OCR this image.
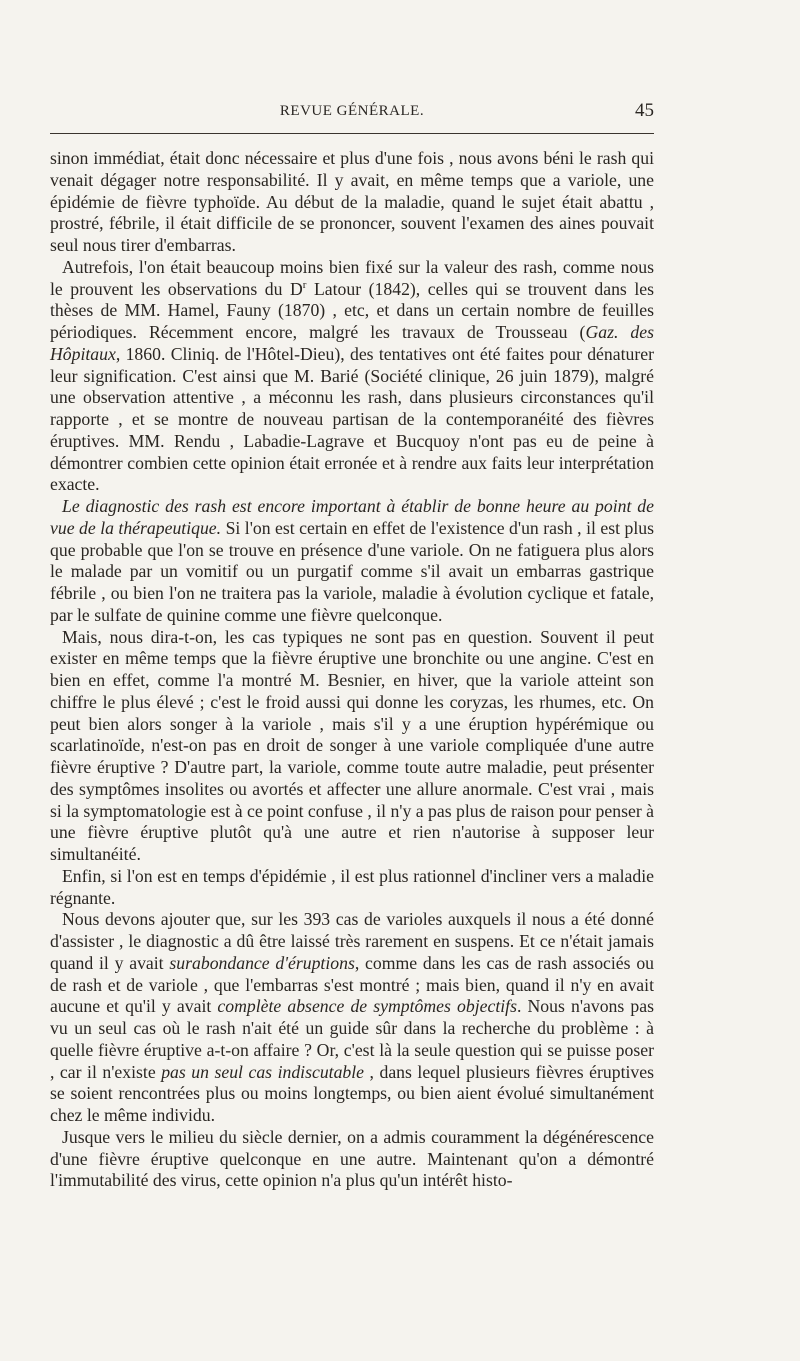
REVUE GÉNÉRALE.	45

sinon immédiat, était donc nécessaire et plus d'une fois , nous avons béni le rash qui venait dégager notre responsabilité. Il y avait, en même temps que a variole, une épidémie de fièvre typhoïde. Au début de la maladie, quand le sujet était abattu , prostré, fébrile, il était difficile de se prononcer, souvent l'examen des aines pouvait seul nous tirer d'embarras.

Autrefois, l'on était beaucoup moins bien fixé sur la valeur des rash, comme nous le prouvent les observations du $D^r$ Latour (1842), celles qui se trouvent dans les thèses de MM. Hamel, Fauny (1870) , etc, et dans un certain nombre de feuilles périodiques. Récemment encore, malgré les travaux de Trousseau (Gaz. des Hôpitaux, 1860. Cliniq. de l'Hôtel-Dieu), des tentatives ont été faites pour dénaturer leur signification. C'est ainsi que M. Barié (Société clinique, 26 juin 1879), malgré une observation attentive , a méconnu les rash, dans plusieurs circonstances qu'il rapporte , et se montre de nouveau partisan de la contemporanéité des fièvres éruptives. MM. Rendu , Labadie-Lagrave et Bucquoy n'ont pas eu de peine à démontrer combien cette opinion était erronée et à rendre aux faits leur interprétation exacte.

Le diagnostic des rash est encore important à établir de bonne heure au point de vue de la thérapeutique. Si l'on est certain en effet de l'existence d'un rash , il est plus que probable que l'on se trouve en présence d'une variole. On ne fatiguera plus alors le malade par un vomitif ou un purgatif comme s'il avait un embarras gastrique fébrile , ou bien l'on ne traitera pas la variole, maladie à évolution cyclique et fatale, par le sulfate de quinine comme une fièvre quelconque.

Mais, nous dira-t-on, les cas typiques ne sont pas en question. Souvent il peut exister en même temps que la fièvre éruptive une bronchite ou une angine. C'est en bien en effet, comme l'a montré M. Besnier, en hiver, que la variole atteint son chiffre le plus élevé ; c'est le froid aussi qui donne les coryzas, les rhumes, etc. On peut bien alors songer à la variole , mais s'il y a une éruption hypérémique ou scarlatinoïde, n'est-on pas en droit de songer à une variole compliquée d'une autre fièvre éruptive ? D'autre part, la variole, comme toute autre maladie, peut présenter des symptômes insolites ou avortés et affecter une allure anormale. C'est vrai , mais si la symptomatologie est à ce point confuse , il n'y a pas plus de raison pour penser à une fièvre éruptive plutôt qu'à une autre et rien n'autorise à supposer leur simultanéité.

Enfin, si l'on est en temps d'épidémie , il est plus rationnel d'incliner vers a maladie régnante.

Nous devons ajouter que, sur les 393 cas de varioles auxquels il nous a été donné d'assister , le diagnostic a dû être laissé très rarement en suspens. Et ce n'était jamais quand il y avait surabondance d'éruptions, comme dans les cas de rash associés ou de rash et de variole , que l'embarras s'est montré ; mais bien, quand il n'y en avait aucune et qu'il y avait complète absence de symptômes objectifs. Nous n'avons pas vu un seul cas où le rash n'ait été un guide sûr dans la recherche du problème : à quelle fièvre éruptive a-t-on affaire ? Or, c'est là la seule question qui se puisse poser , car il n'existe pas un seul cas indiscutable , dans lequel plusieurs fièvres éruptives se soient rencontrées plus ou moins longtemps, ou bien aient évolué simultanément chez le même individu.

Jusque vers le milieu du siècle dernier, on a admis couramment la dégénérescence d'une fièvre éruptive quelconque en une autre. Maintenant qu'on a démontré l'immutabilité des virus, cette opinion n'a plus qu'un intérêt histo-
